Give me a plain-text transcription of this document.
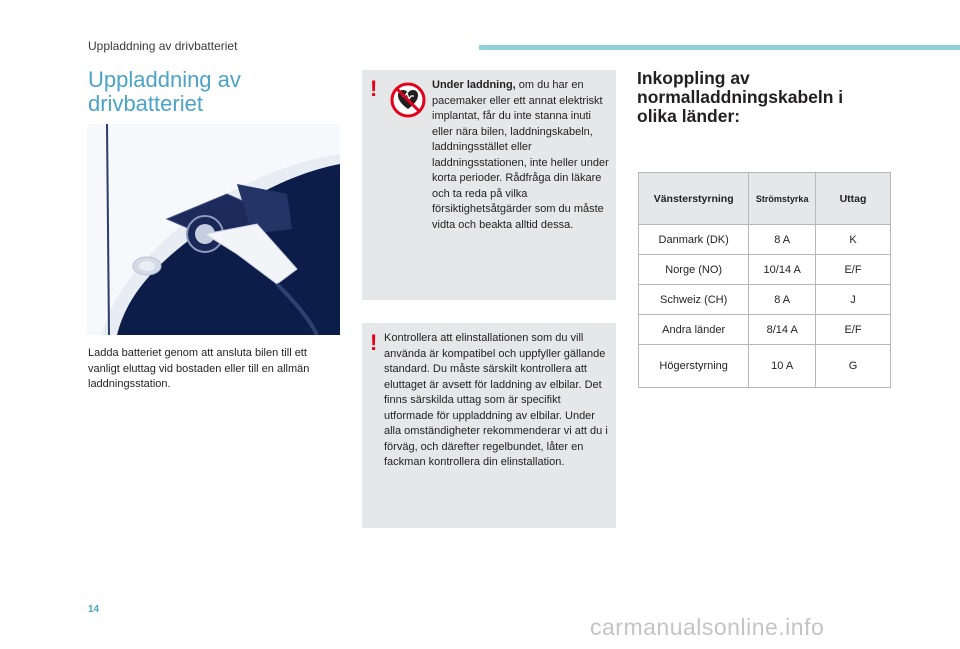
Uppladdning av drivbatteriet
Uppladdning av drivbatteriet
Ladda batteriet genom att ansluta bilen till ett vanligt eluttag vid bostaden eller till en allmän laddningsstation.
!	Under laddning, om du har en pacemaker eller ett annat elektriskt implantat, får du inte stanna inuti eller nära bilen, laddningskabeln, laddningsstället eller laddningsstationen, inte heller under korta perioder. Rådfråga din läkare och ta reda på vilka försiktighetsåtgärder som du måste vidta och beakta alltid dessa.
! Kontrollera att elinstallationen som du vill använda är kompatibel och uppfyller gällande standard. Du måste särskilt kontrollera att eluttaget är avsett för laddning av elbilar. Det finns särskilda uttag som är specifikt utformade för uppladdning av elbilar. Under alla omständigheter rekommenderar vi att du i förväg, och därefter regelbundet, låter en fackman kontrollera din elinstallation.
Inkoppling av normalladdningskabeln i olika länder:
Vänsterstyrning	Strömstyrka	Uttag
Danmark (DK)	8 A	K
Norge (NO)	10/14 A	E/F
Schweiz (CH)	8 A	J
Andra länder	8/14 A	E/F
Högerstyrning	10 A	G
14
carmanualsonline.info
